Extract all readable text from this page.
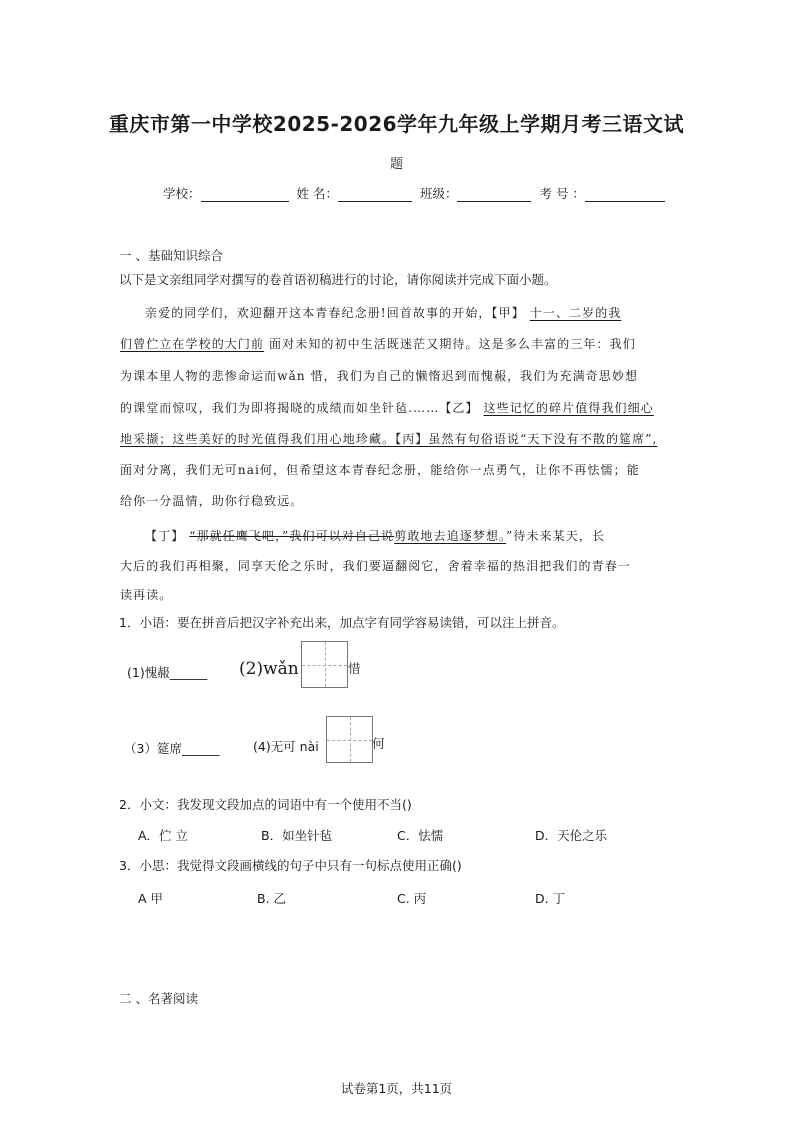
重庆市第一中学校2025-2026学年九年级上学期月考三语文试
题
学校：	姓 名：	班级：	考 号 ：
一 、基础知识综合
以下是文亲组同学对撰写的卷首语初稿进行的讨论，请你阅读并完成下面小题。
亲爱的同学们，欢迎翻开这本青春纪念册!回首故事的开始，【甲】 十一、二岁的我
们曾伫立在学校的大门前 面对未知的初中生活既迷茫又期待。这是多么丰富的三年：我们
为课本里人物的悲惨命运而wǎn 惜，我们为自己的懒惰迟到而愧赧，我们为充满奇思妙想
的课堂而惊叹，我们为即将揭晓的成绩而如坐针毡.……【乙】 这些记忆的碎片值得我们细心
地采撷；这些美好的时光值得我们用心地珍藏。【丙】虽然有句俗语说“天下没有不散的筵席”,
面对分离，我们无可nai何，但希望这本青春纪念册，能给你一点勇气，让你不再怯懦；能
给你一分温情，助你行稳致远。
【丁】 “那就任鹰飞吧，”我们可以对自己说剪敢地去追逐梦想。”待未来某天，长
大后的我们再相聚，同享天伦之乐时，我们要逼翻阅它，舍着幸福的热泪把我们的青春一
读再读。
1．小语：要在拼音后把汉字补充出来，加点字有同学容易读错，可以注上拼音。
(1)愧赧______ (2)wǎn	惜
（3）筵席______	(4)无可 nài	何
2．小文：我发现文段加点的词语中有一个使用不当()
A．伫 立	B．如坐针毡	C．怯懦	D．天伦之乐
3．小思：我觉得文段画横线的句子中只有一句标点使用正确()
A 甲	B. 乙	C. 丙	D. 丁
二 、名著阅读
试卷第1页，共11页
